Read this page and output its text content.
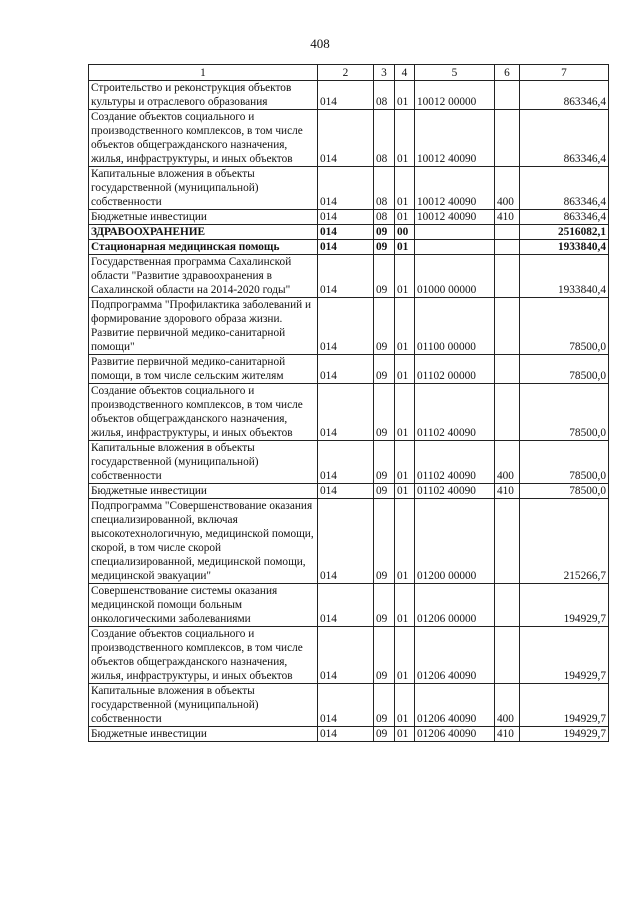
408
1	2	3	4	5	6	7
Строительство и реконструкция объектов культуры и отраслевого образования	014	08	01	10012 00000		863346,4
Создание объектов социального и производственного комплексов, в том числе объектов общегражданского назначения, жилья, инфраструктуры, и иных объектов	014	08	01	10012 40090		863346,4
Капитальные вложения в объекты государственной (муниципальной) собственности	014	08	01	10012 40090	400	863346,4
Бюджетные инвестиции	014	08	01	10012 40090	410	863346,4
ЗДРАВООХРАНЕНИЕ	014	09	00			2516082,1
Стационарная медицинская помощь	014	09	01			1933840,4
Государственная программа Сахалинской области "Развитие здравоохранения в Сахалинской области на 2014-2020 годы"	014	09	01	01000 00000		1933840,4
Подпрограмма "Профилактика заболеваний и формирование здорового образа жизни. Развитие первичной медико-санитарной помощи"	014	09	01	01100 00000		78500,0
Развитие первичной медико-санитарной помощи, в том числе сельским жителям	014	09	01	01102 00000		78500,0
Создание объектов социального и производственного комплексов, в том числе объектов общегражданского назначения, жилья, инфраструктуры, и иных объектов	014	09	01	01102 40090		78500,0
Капитальные вложения в объекты государственной (муниципальной) собственности	014	09	01	01102 40090	400	78500,0
Бюджетные инвестиции	014	09	01	01102 40090	410	78500,0
Подпрограмма "Совершенствование оказания специализированной, включая высокотехнологичную, медицинской помощи, скорой, в том числе скорой специализированной, медицинской помощи, медицинской эвакуации"	014	09	01	01200 00000		215266,7
Совершенствование системы оказания медицинской помощи больным онкологическими заболеваниями	014	09	01	01206 00000		194929,7
Создание объектов социального и производственного комплексов, в том числе объектов общегражданского назначения, жилья, инфраструктуры, и иных объектов	014	09	01	01206 40090		194929,7
Капитальные вложения в объекты государственной (муниципальной) собственности	014	09	01	01206 40090	400	194929,7
Бюджетные инвестиции	014	09	01	01206 40090	410	194929,7
